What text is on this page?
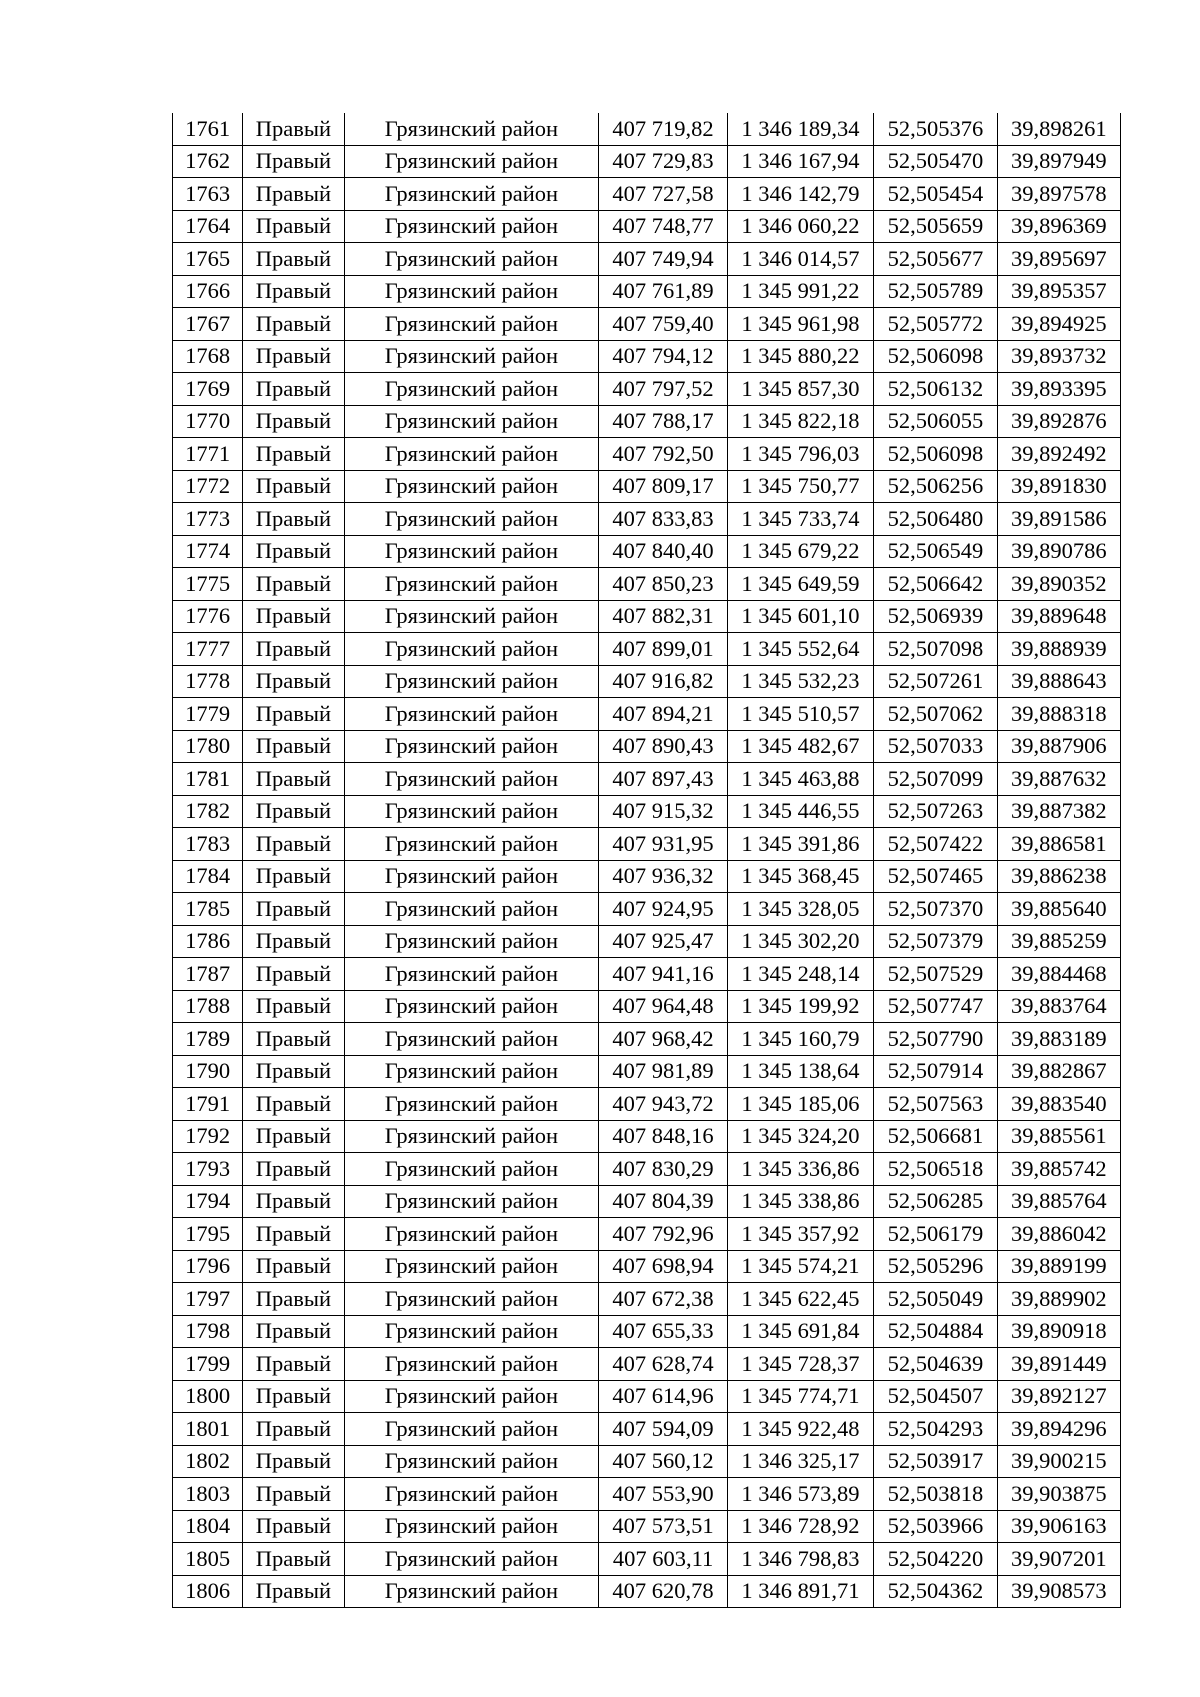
1761	Правый	Грязинский район	407 719,82	1 346 189,34	52,505376	39,898261
1762	Правый	Грязинский район	407 729,83	1 346 167,94	52,505470	39,897949
1763	Правый	Грязинский район	407 727,58	1 346 142,79	52,505454	39,897578
1764	Правый	Грязинский район	407 748,77	1 346 060,22	52,505659	39,896369
1765	Правый	Грязинский район	407 749,94	1 346 014,57	52,505677	39,895697
1766	Правый	Грязинский район	407 761,89	1 345 991,22	52,505789	39,895357
1767	Правый	Грязинский район	407 759,40	1 345 961,98	52,505772	39,894925
1768	Правый	Грязинский район	407 794,12	1 345 880,22	52,506098	39,893732
1769	Правый	Грязинский район	407 797,52	1 345 857,30	52,506132	39,893395
1770	Правый	Грязинский район	407 788,17	1 345 822,18	52,506055	39,892876
1771	Правый	Грязинский район	407 792,50	1 345 796,03	52,506098	39,892492
1772	Правый	Грязинский район	407 809,17	1 345 750,77	52,506256	39,891830
1773	Правый	Грязинский район	407 833,83	1 345 733,74	52,506480	39,891586
1774	Правый	Грязинский район	407 840,40	1 345 679,22	52,506549	39,890786
1775	Правый	Грязинский район	407 850,23	1 345 649,59	52,506642	39,890352
1776	Правый	Грязинский район	407 882,31	1 345 601,10	52,506939	39,889648
1777	Правый	Грязинский район	407 899,01	1 345 552,64	52,507098	39,888939
1778	Правый	Грязинский район	407 916,82	1 345 532,23	52,507261	39,888643
1779	Правый	Грязинский район	407 894,21	1 345 510,57	52,507062	39,888318
1780	Правый	Грязинский район	407 890,43	1 345 482,67	52,507033	39,887906
1781	Правый	Грязинский район	407 897,43	1 345 463,88	52,507099	39,887632
1782	Правый	Грязинский район	407 915,32	1 345 446,55	52,507263	39,887382
1783	Правый	Грязинский район	407 931,95	1 345 391,86	52,507422	39,886581
1784	Правый	Грязинский район	407 936,32	1 345 368,45	52,507465	39,886238
1785	Правый	Грязинский район	407 924,95	1 345 328,05	52,507370	39,885640
1786	Правый	Грязинский район	407 925,47	1 345 302,20	52,507379	39,885259
1787	Правый	Грязинский район	407 941,16	1 345 248,14	52,507529	39,884468
1788	Правый	Грязинский район	407 964,48	1 345 199,92	52,507747	39,883764
1789	Правый	Грязинский район	407 968,42	1 345 160,79	52,507790	39,883189
1790	Правый	Грязинский район	407 981,89	1 345 138,64	52,507914	39,882867
1791	Правый	Грязинский район	407 943,72	1 345 185,06	52,507563	39,883540
1792	Правый	Грязинский район	407 848,16	1 345 324,20	52,506681	39,885561
1793	Правый	Грязинский район	407 830,29	1 345 336,86	52,506518	39,885742
1794	Правый	Грязинский район	407 804,39	1 345 338,86	52,506285	39,885764
1795	Правый	Грязинский район	407 792,96	1 345 357,92	52,506179	39,886042
1796	Правый	Грязинский район	407 698,94	1 345 574,21	52,505296	39,889199
1797	Правый	Грязинский район	407 672,38	1 345 622,45	52,505049	39,889902
1798	Правый	Грязинский район	407 655,33	1 345 691,84	52,504884	39,890918
1799	Правый	Грязинский район	407 628,74	1 345 728,37	52,504639	39,891449
1800	Правый	Грязинский район	407 614,96	1 345 774,71	52,504507	39,892127
1801	Правый	Грязинский район	407 594,09	1 345 922,48	52,504293	39,894296
1802	Правый	Грязинский район	407 560,12	1 346 325,17	52,503917	39,900215
1803	Правый	Грязинский район	407 553,90	1 346 573,89	52,503818	39,903875
1804	Правый	Грязинский район	407 573,51	1 346 728,92	52,503966	39,906163
1805	Правый	Грязинский район	407 603,11	1 346 798,83	52,504220	39,907201
1806	Правый	Грязинский район	407 620,78	1 346 891,71	52,504362	39,908573
